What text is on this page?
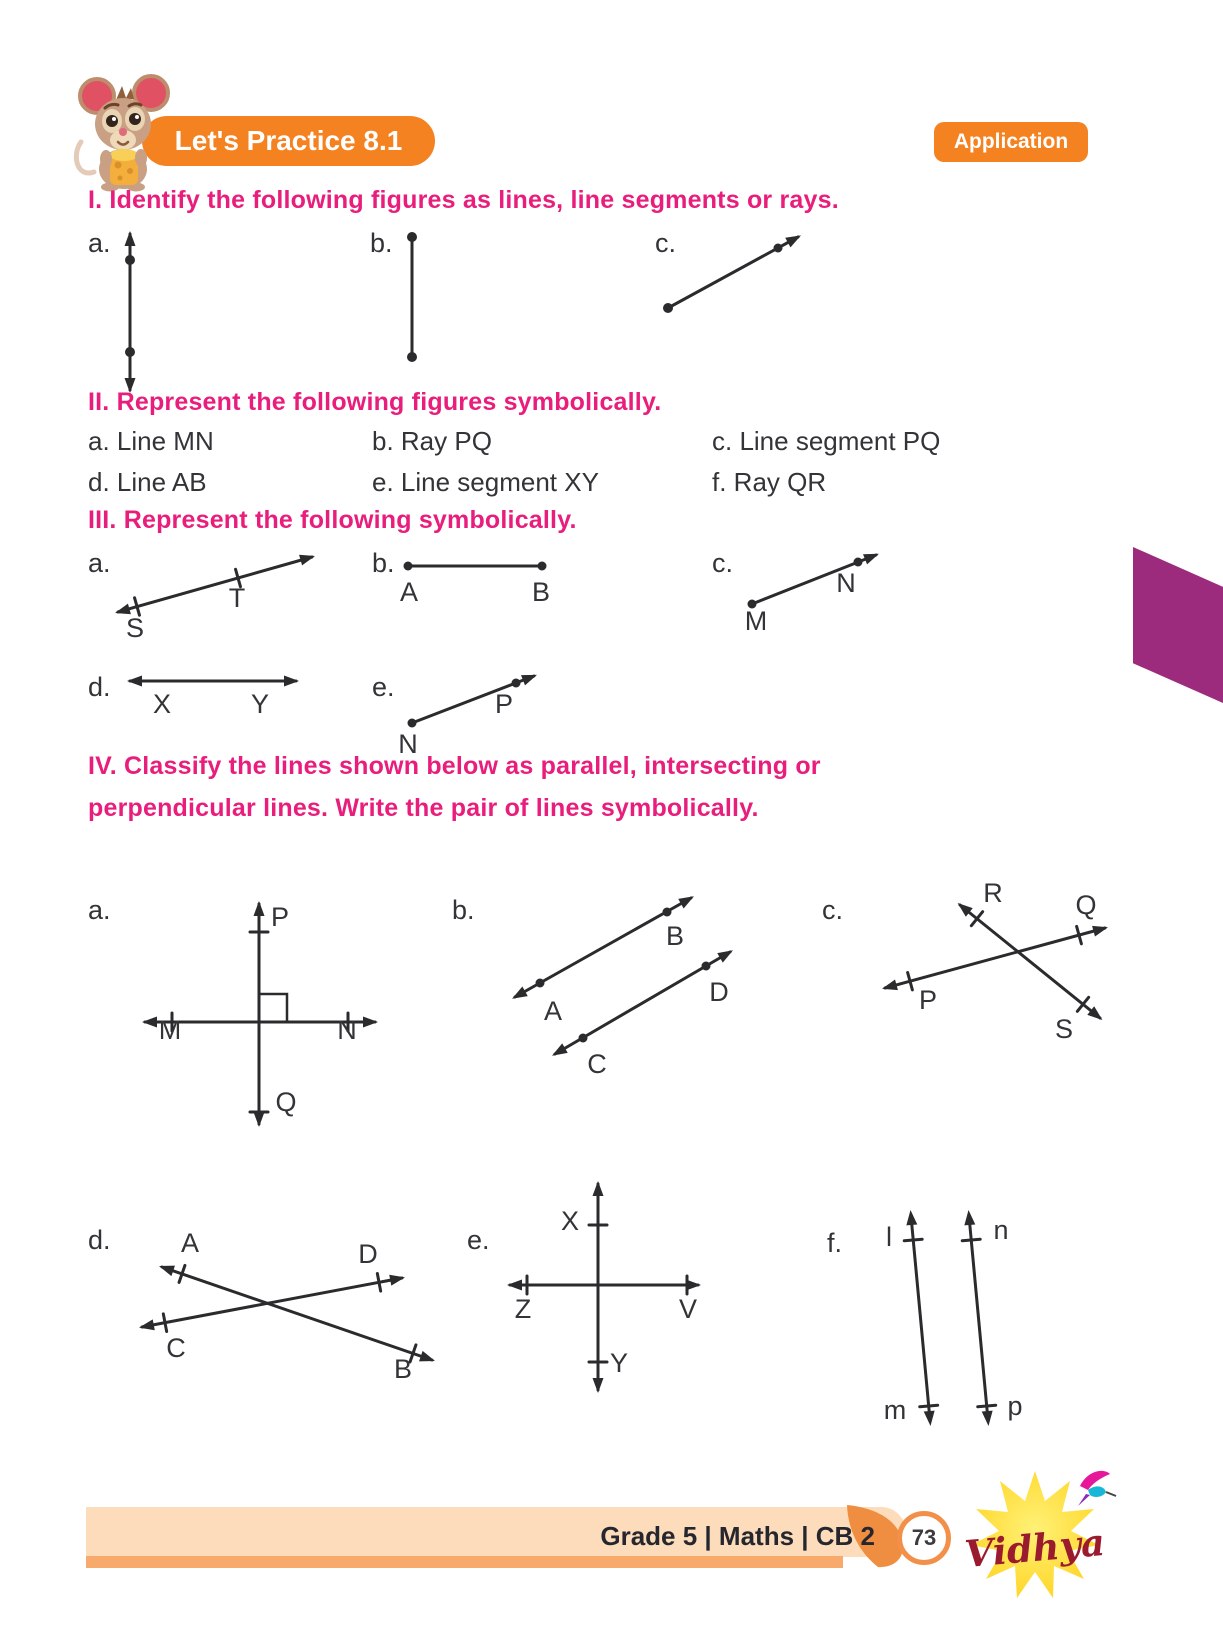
Let's Practice 8.1	Application
I. Identify the following figures as lines, line segments or rays.
a.	b.	c.
II. Represent the following figures symbolically.
a. Line MN	b. Ray PQ	c. Line segment PQ
d. Line AB	e. Line segment XY	f. Ray QR
III. Represent the following symbolically.
a.
S
T
b.
A	B
c.
N
M
d.
X	Y
e.
P
N
IV. Classify the lines shown below as parallel, intersecting or
perpendicular lines. Write the pair of lines symbolically.
a.	P
Q
M	N
b.
A
B
C
D
c.
R	Q
P
S
d.	A	D
C
B
e.
X
Z	V
Y
f. l
m
n
p
Grade 5 | Maths | CB 2 73 Vidhya
